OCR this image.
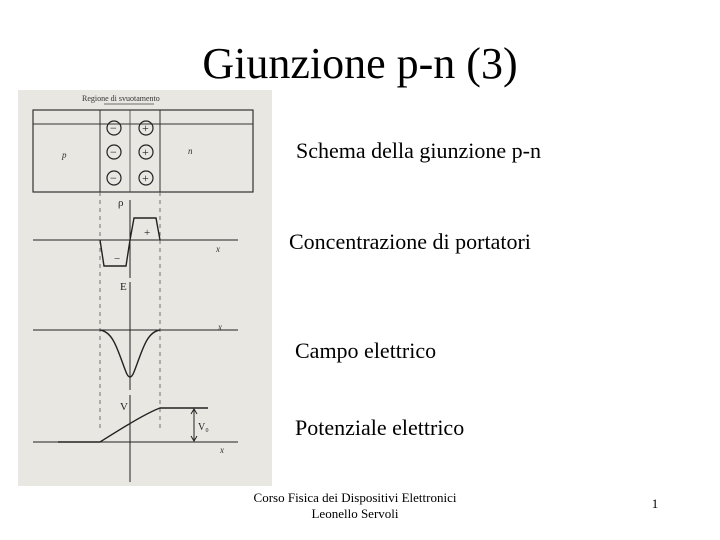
Giunzione p-n (3)
Regione di svuotamento
p	n
−
−
−
+
+
+
ρ
x
−
+
E
x
V
x
V₀
Schema della giunzione p-n
Concentrazione di portatori
Campo elettrico
Potenziale elettrico
Corso Fisica dei Dispositivi Elettronici
Leonello Servoli
1
